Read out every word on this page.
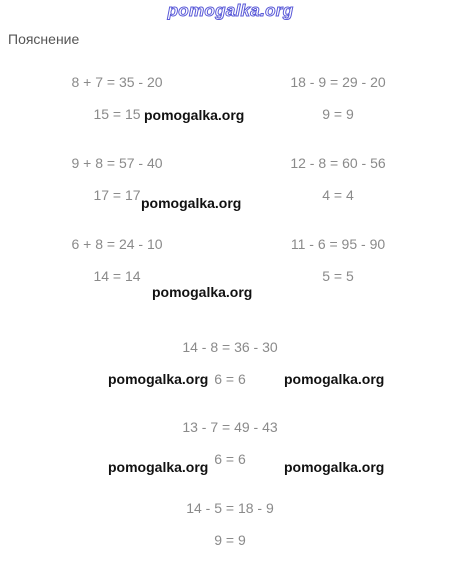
pomogalka.org
Пояснение
8 + 7 = 35 - 20
15 = 15
18 - 9 = 29 - 20
9 = 9
9 + 8 = 57 - 40
17 = 17
12 - 8 = 60 - 56
4 = 4
6 + 8 = 24 - 10
14 = 14
11 - 6 = 95 - 90
5 = 5
14 - 8 = 36 - 30
6 = 6
13 - 7 = 49 - 43
6 = 6
14 - 5 = 18 - 9
9 = 9
pomogalka.org
pomogalka.org
pomogalka.org
pomogalka.org	pomogalka.org
pomogalka.org	pomogalka.org
